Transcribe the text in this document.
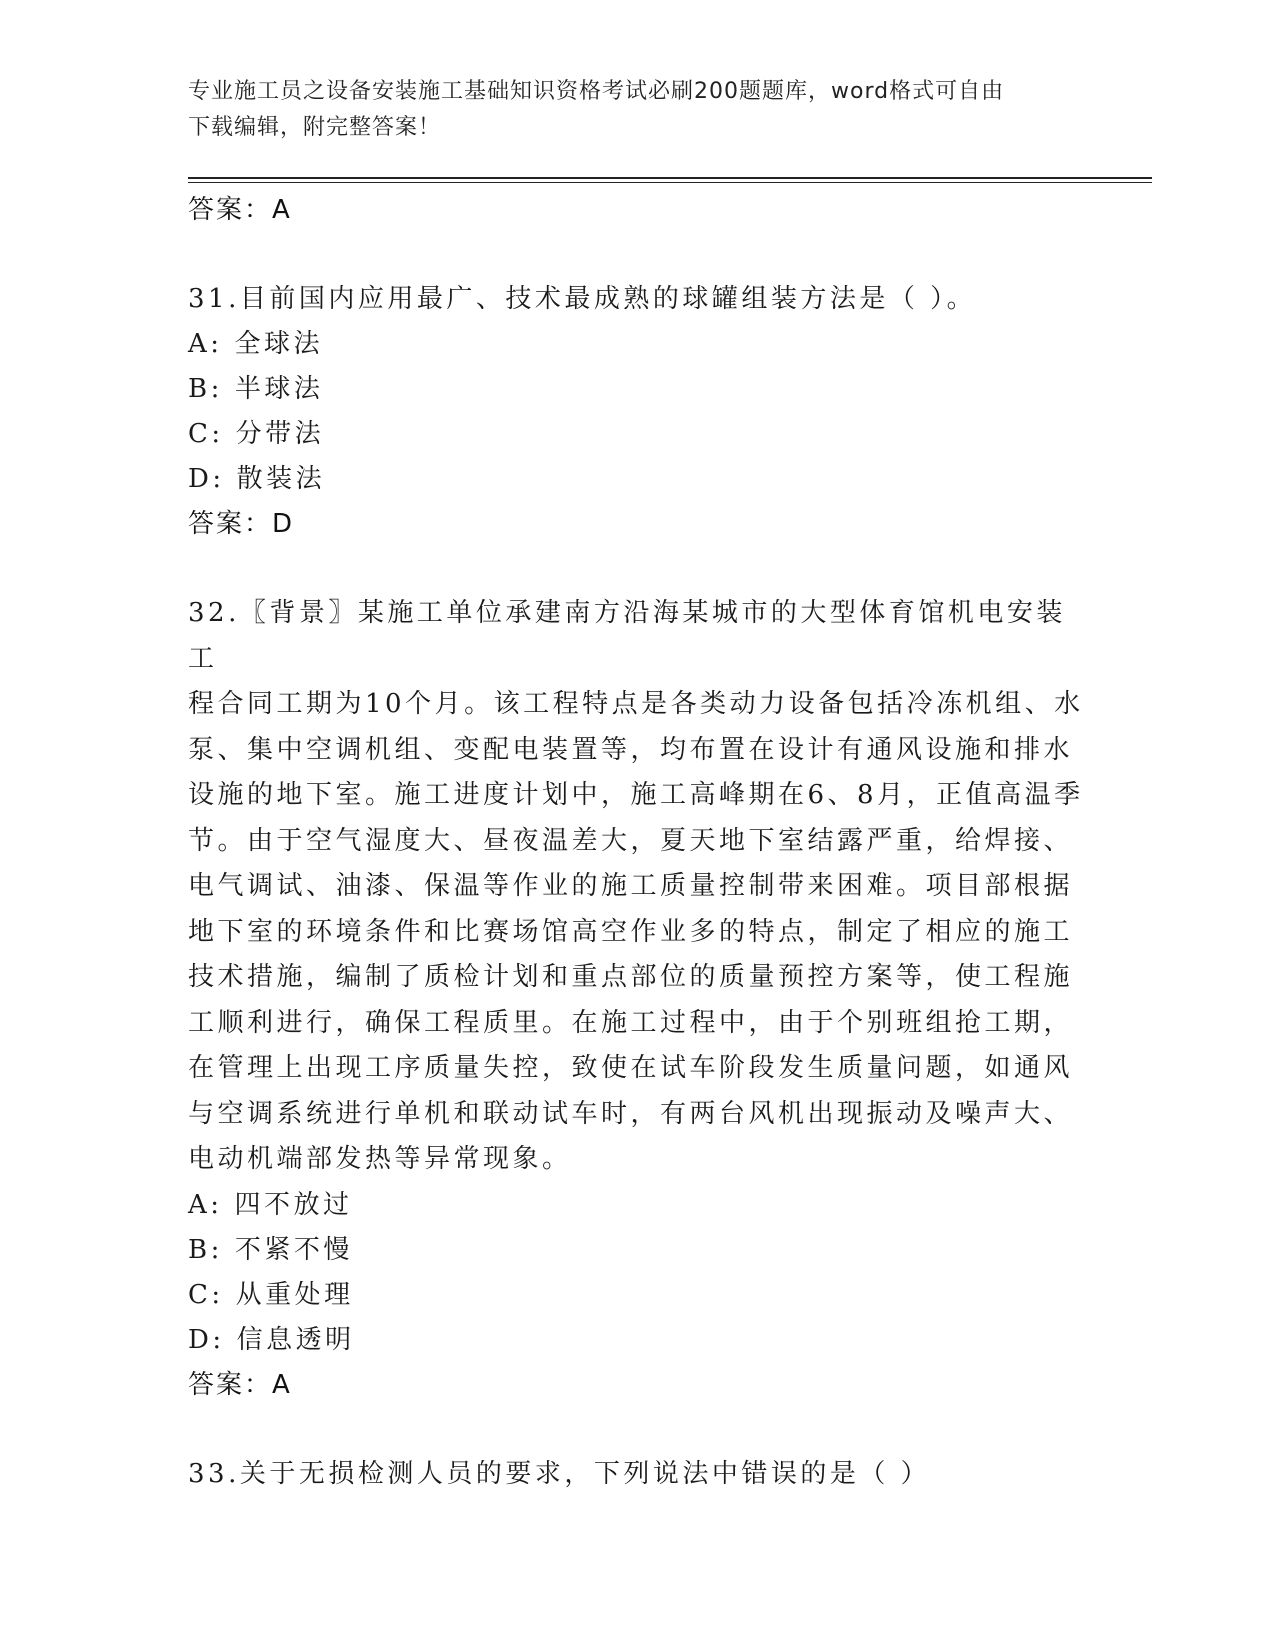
专业施工员之设备安装施工基础知识资格考试必刷200题题库，word格式可自由
下载编辑，附完整答案！
答案：A
31.目前国内应用最广、技术最成熟的球罐组装方法是（ ）。
A: 全球法
B: 半球法
C: 分带法
D: 散装法
答案：D
32.〖背景〗某施工单位承建南方沿海某城市的大型体育馆机电安装工
程合同工期为10个月。该工程特点是各类动力设备包括冷冻机组、水
泵、集中空调机组、变配电装置等，均布置在设计有通风设施和排水
设施的地下室。施工进度计划中，施工高峰期在6、8月，正值高温季
节。由于空气湿度大、昼夜温差大，夏天地下室结露严重，给焊接、
电气调试、油漆、保温等作业的施工质量控制带来困难。项目部根据
地下室的环境条件和比赛场馆高空作业多的特点，制定了相应的施工
技术措施，编制了质检计划和重点部位的质量预控方案等，使工程施
工顺利进行，确保工程质里。在施工过程中，由于个别班组抢工期，
在管理上出现工序质量失控，致使在试车阶段发生质量问题，如通风
与空调系统进行单机和联动试车时，有两台风机出现振动及噪声大、
电动机端部发热等异常现象。
A: 四不放过
B: 不紧不慢
C: 从重处理
D: 信息透明
答案：A
33.关于无损检测人员的要求，下列说法中错误的是（ ）
